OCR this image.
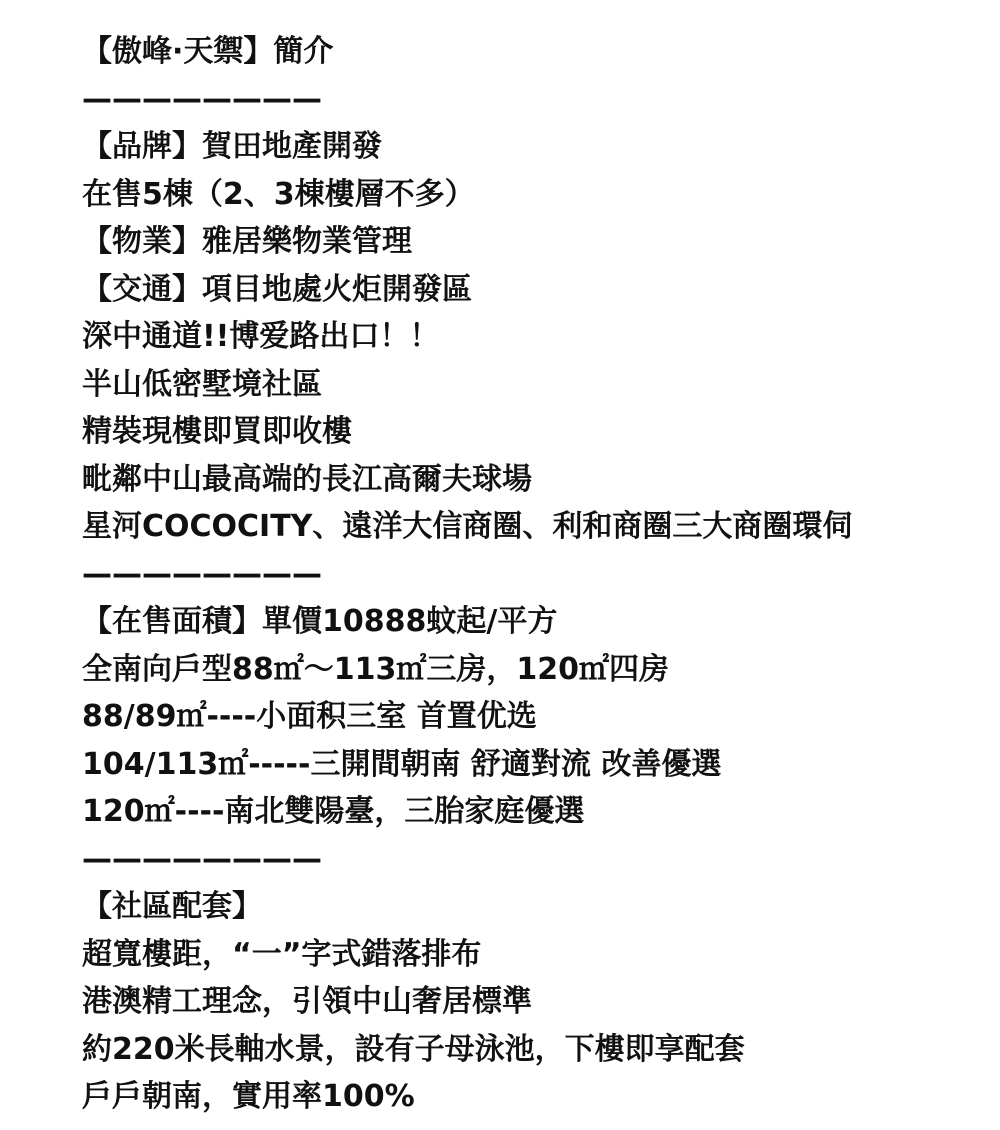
【傲峰·天禦】簡介
————————
【品牌】賀田地產開發
在售5棟（2、3棟樓層不多）
【物業】雅居樂物業管理
【交通】項目地處火炬開發區
深中通道!!博爱路出口！！
半山低密墅境社區
精裝現樓即買即收樓
毗鄰中山最高端的長江高爾夫球場
星河COCOCITY、遠洋大信商圈、利和商圈三大商圈環伺
————————
【在售面積】單價10888蚊起/平方
全南向戶型88㎡～113㎡三房，120㎡四房
88/89㎡----小面积三室 首置优选
104/113㎡-----三開間朝南 舒適對流 改善優選
120㎡----南北雙陽臺，三胎家庭優選
————————
【社區配套】
超寬樓距，“一”字式錯落排布
港澳精工理念，引領中山奢居標準
約220米長軸水景，設有子母泳池，下樓即享配套
戶戶朝南，實用率100%
